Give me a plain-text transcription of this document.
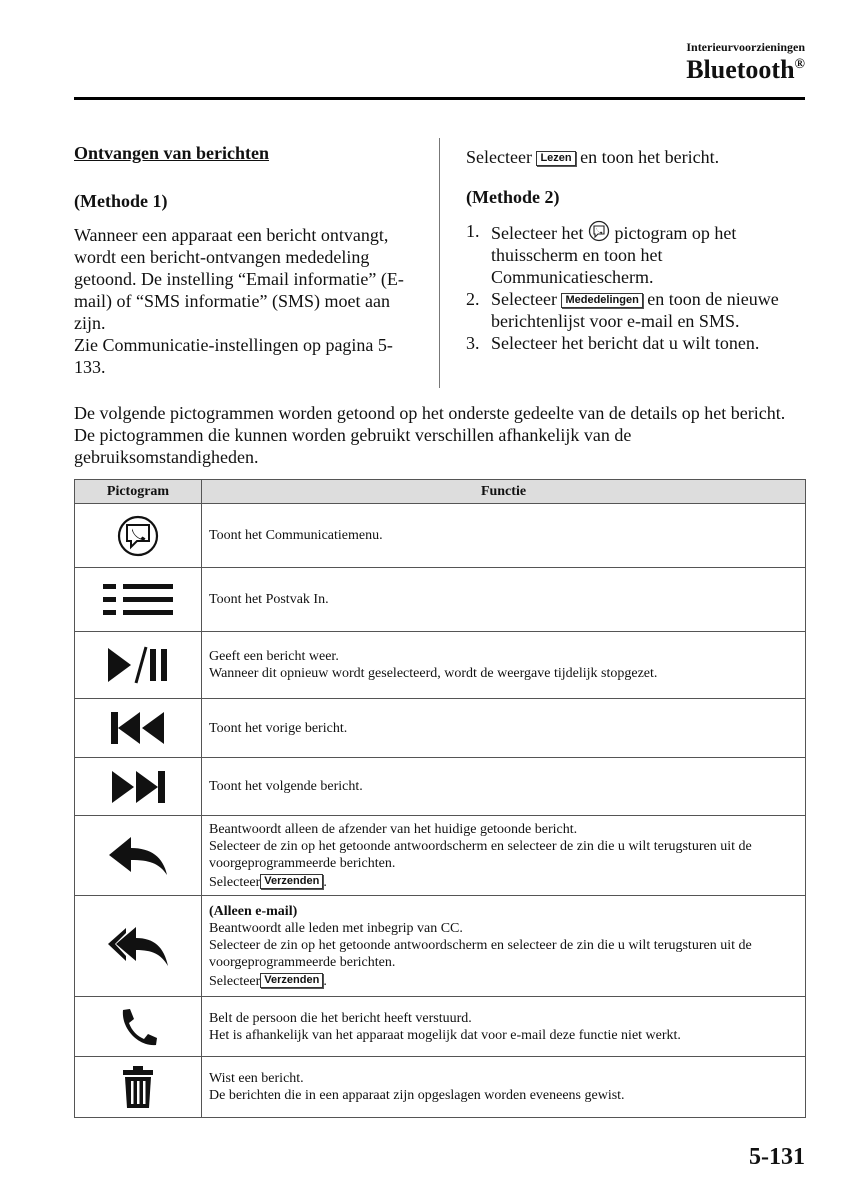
Interieurvoorzieningen
Bluetooth®

Ontvangen van berichten

(Methode 1)

Wanneer een apparaat een bericht ontvangt, wordt een bericht-ontvangen mededeling getoond. De instelling “Email informatie” (E-mail) of “SMS informatie” (SMS) moet aan zijn.

Zie Communicatie-instellingen op pagina 5-133.

Selecteer Lezen en toon het bericht.

(Methode 2)

1. Selecteer het pictogram op het thuisscherm en toon het Communicatiescherm.
2. Selecteer Mededelingen en toon de nieuwe berichtenlijst voor e-mail en SMS.
3. Selecteer het bericht dat u wilt tonen.
De volgende pictogrammen worden getoond op het onderste gedeelte van de details op het bericht. De pictogrammen die kunnen worden gebruikt verschillen afhankelijk van de gebruiksomstandigheden.
Pictogram	Functie

Toont het Communicatiemenu.

Toont het Postvak In.

Geeft een bericht weer.
Wanneer dit opnieuw wordt geselecteerd, wordt de weergave tijdelijk stopgezet.

Toont het vorige bericht.

Toont het volgende bericht.

Beantwoordt alleen de afzender van het huidige getoonde bericht.
Selecteer de zin op het getoonde antwoordscherm en selecteer de zin die u wilt terugsturen uit de voorgeprogrammeerde berichten.
Selecteer Verzenden .

(Alleen e-mail)
Beantwoordt alle leden met inbegrip van CC.
Selecteer de zin op het getoonde antwoordscherm en selecteer de zin die u wilt terugsturen uit de voorgeprogrammeerde berichten.
Selecteer Verzenden .

Belt de persoon die het bericht heeft verstuurd.
Het is afhankelijk van het apparaat mogelijk dat voor e-mail deze functie niet werkt.

Wist een bericht.
De berichten die in een apparaat zijn opgeslagen worden eveneens gewist.
5-131
